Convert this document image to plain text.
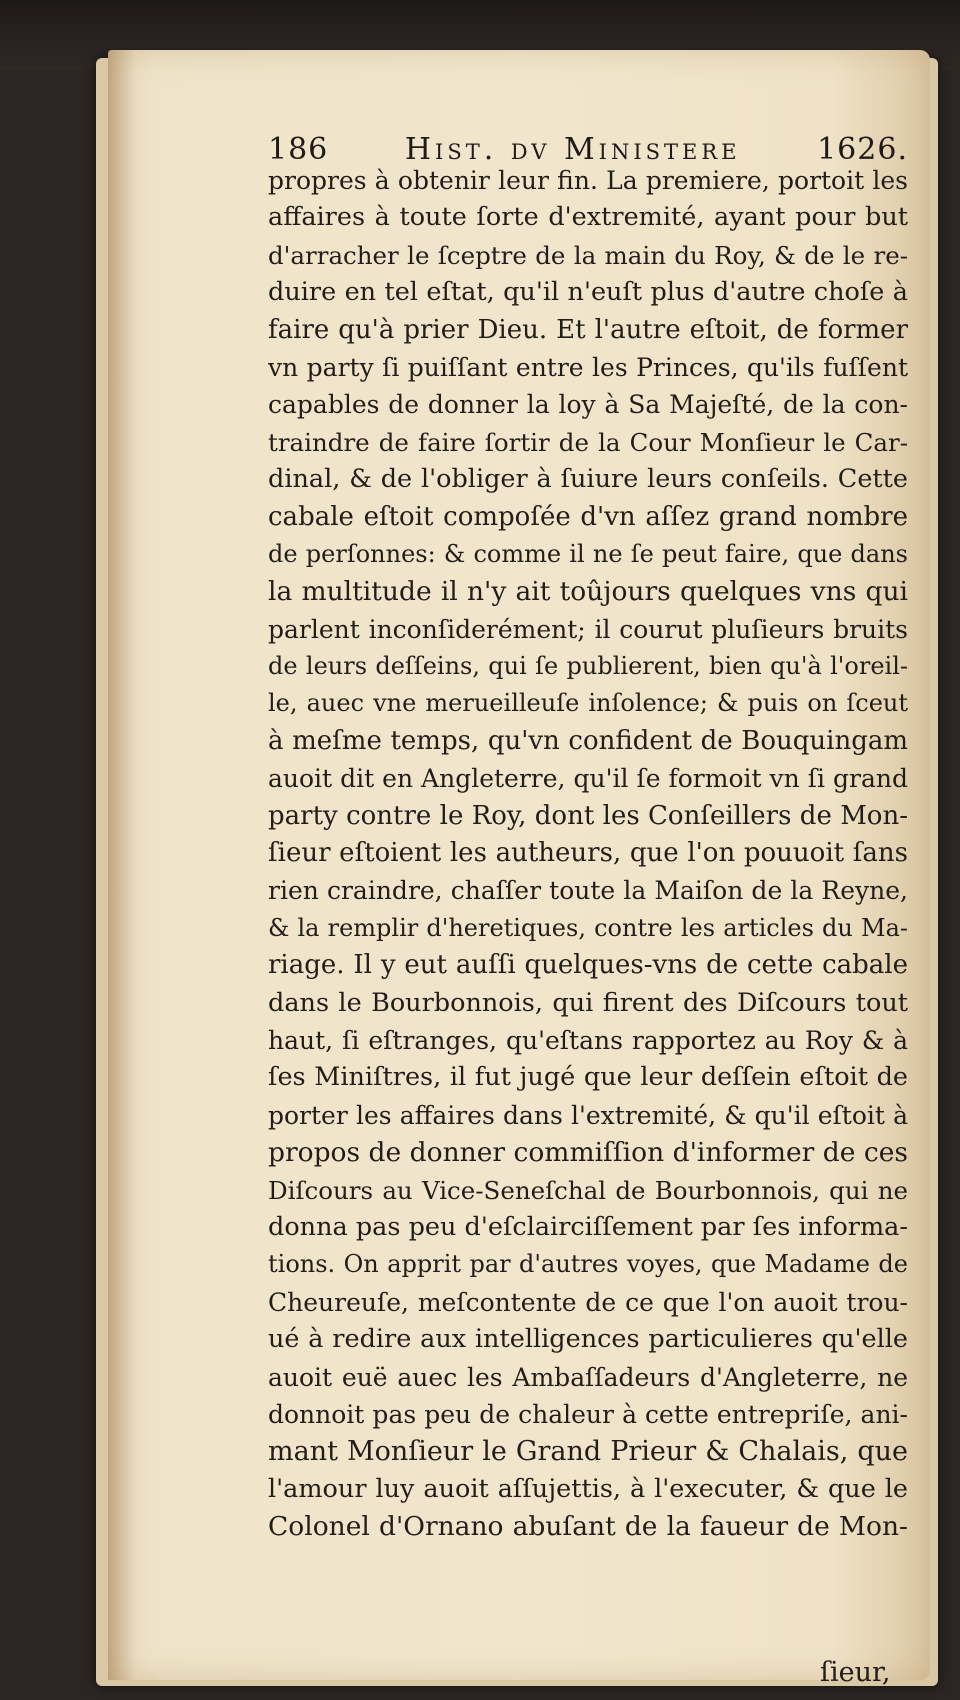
186	Hist. dv Ministere	1626.
propres à obtenir leur fin. La premiere, portoit les
affaires à toute ſorte d'extremité, ayant pour but
d'arracher le ſceptre de la main du Roy, & de le re-
duire en tel eſtat, qu'il n'euſt plus d'autre choſe à
faire qu'à prier Dieu. Et l'autre eſtoit, de former
vn party ſi puiſſant entre les Princes, qu'ils fuſſent
capables de donner la loy à Sa Majeſté, de la con-
traindre de faire ſortir de la Cour Monſieur le Car-
dinal, & de l'obliger à ſuiure leurs conſeils. Cette
cabale eſtoit compoſée d'vn aſſez grand nombre
de perſonnes: & comme il ne ſe peut faire, que dans
la multitude il n'y ait toûjours quelques vns qui
parlent inconſiderément; il courut pluſieurs bruits
de leurs deſſeins, qui ſe publierent, bien qu'à l'oreil-
le, auec vne merueilleuſe inſolence; & puis on ſceut
à meſme temps, qu'vn confident de Bouquingam
auoit dit en Angleterre, qu'il ſe formoit vn ſi grand
party contre le Roy, dont les Conſeillers de Mon-
ſieur eſtoient les autheurs, que l'on pouuoit ſans
rien craindre, chaſſer toute la Maiſon de la Reyne,
& la remplir d'heretiques, contre les articles du Ma-
riage. Il y eut auſſi quelques-vns de cette cabale
dans le Bourbonnois, qui firent des Diſcours tout
haut, ſi eſtranges, qu'eſtans rapportez au Roy & à
ſes Miniſtres, il fut jugé que leur deſſein eſtoit de
porter les affaires dans l'extremité, & qu'il eſtoit à
propos de donner commiſſion d'informer de ces
Diſcours au Vice-Seneſchal de Bourbonnois, qui ne
donna pas peu d'eſclairciſſement par ſes informa-
tions. On apprit par d'autres voyes, que Madame de
Cheureuſe, meſcontente de ce que l'on auoit trou-
ué à redire aux intelligences particulieres qu'elle
auoit euë auec les Ambaſſadeurs d'Angleterre, ne
donnoit pas peu de chaleur à cette entrepriſe, ani-
mant Monſieur le Grand Prieur & Chalais, que
l'amour luy auoit aſſujettis, à l'executer, & que le
Colonel d'Ornano abuſant de la faueur de Mon-
ſieur,
